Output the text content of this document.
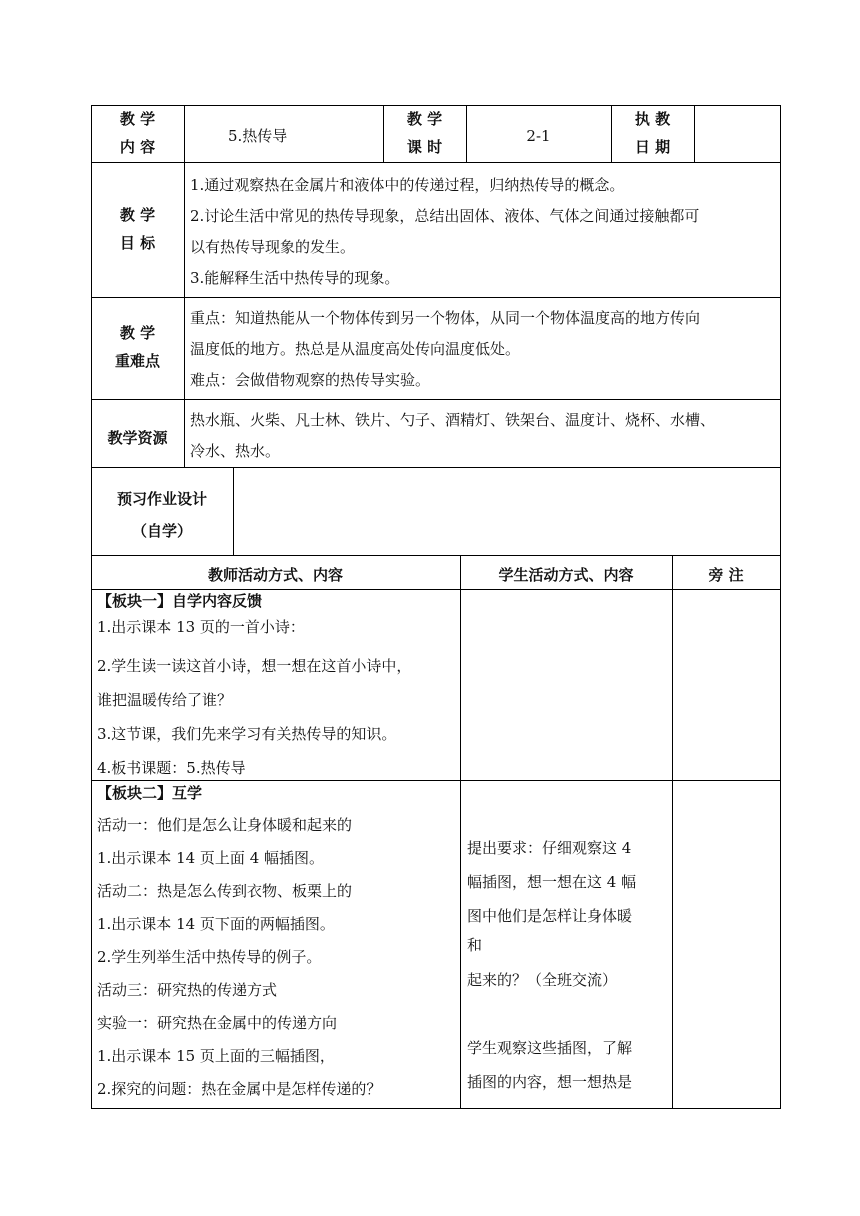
教 学
内 容
5.热传导
教 学
课 时
2-1
执 教
日 期
教 学
目 标
1.通过观察热在金属片和液体中的传递过程，归纳热传导的概念。
2.讨论生活中常见的热传导现象，总结出固体、液体、气体之间通过接触都可
以有热传导现象的发生。
3.能解释生活中热传导的现象。
教 学
重难点
重点：知道热能从一个物体传到另一个物体，从同一个物体温度高的地方传向
温度低的地方。热总是从温度高处传向温度低处。
难点：会做借物观察的热传导实验。
教学资源
热水瓶、火柴、凡士林、铁片、勺子、酒精灯、铁架台、温度计、烧杯、水槽、
冷水、热水。
预习作业设计
（自学）
教师活动方式、内容	学生活动方式、内容	旁 注
【板块一】自学内容反馈
1.出示课本 13 页的一首小诗：
2.学生读一读这首小诗，想一想在这首小诗中，
谁把温暖传给了谁？
3.这节课，我们先来学习有关热传导的知识。
4.板书课题：5.热传导
【板块二】互学
活动一：他们是怎么让身体暖和起来的
1.出示课本 14 页上面 4 幅插图。
活动二：热是怎么传到衣物、板栗上的
1.出示课本 14 页下面的两幅插图。
2.学生列举生活中热传导的例子。
活动三：研究热的传递方式
实验一：研究热在金属中的传递方向
1.出示课本 15 页上面的三幅插图，
2.探究的问题：热在金属中是怎样传递的？
提出要求：仔细观察这 4
幅插图，想一想在这 4 幅
图中他们是怎样让身体暖
和
起来的？（全班交流）
学生观察这些插图，了解
插图的内容，想一想热是
